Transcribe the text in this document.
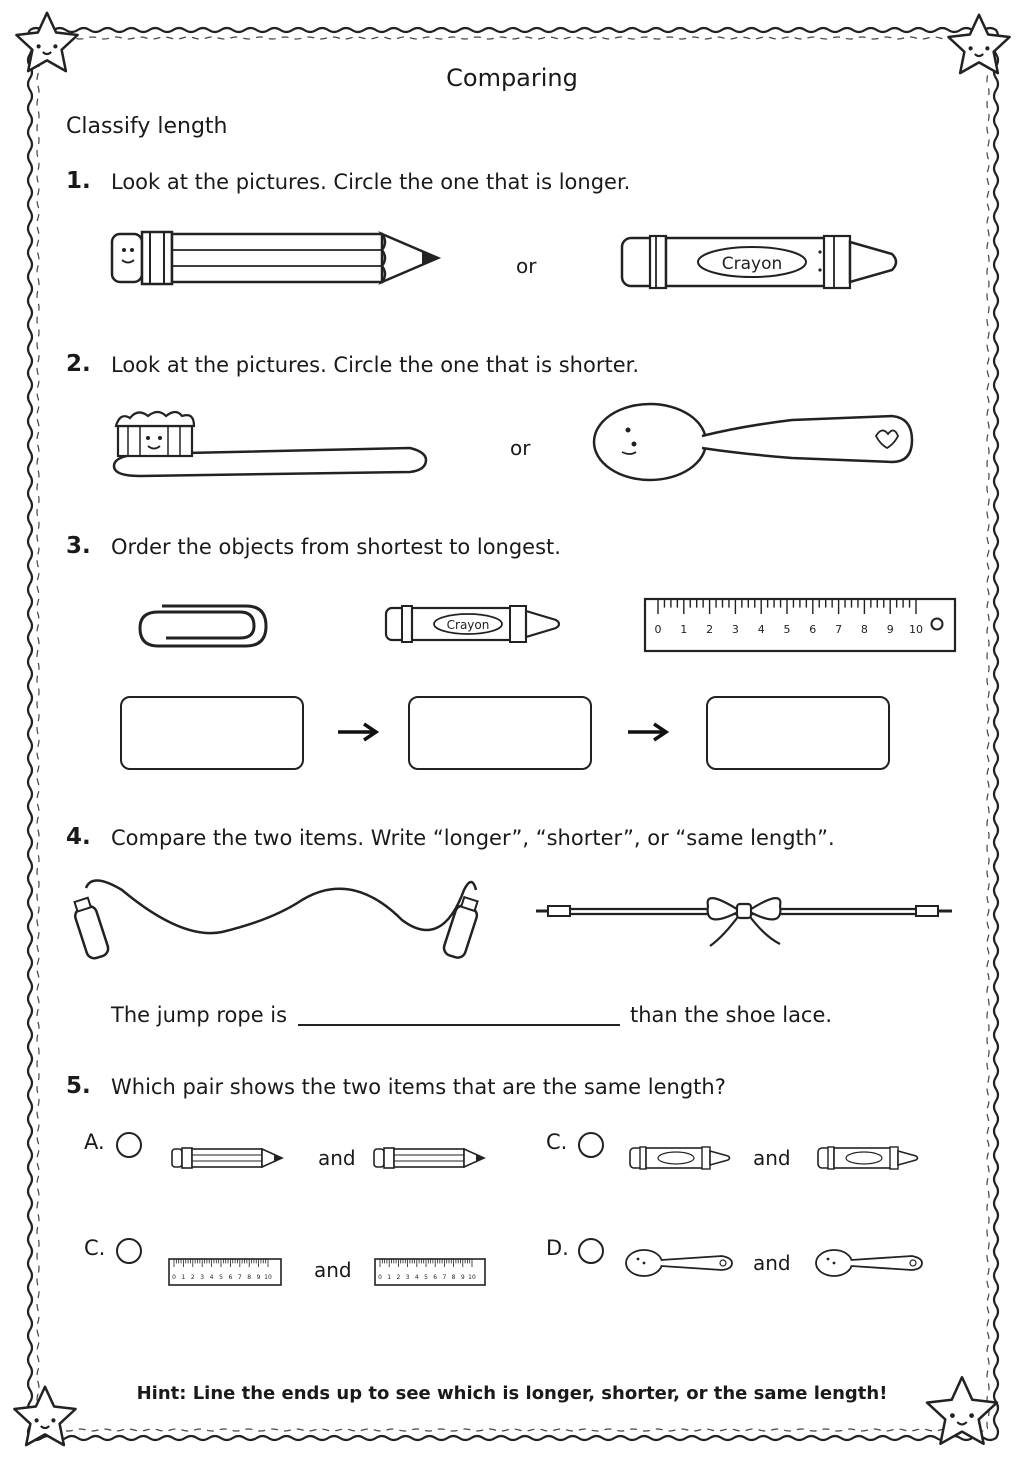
Comparing
Classify length
1. Look at the pictures. Circle the one that is longer.
or	Crayon
2. Look at the pictures. Circle the one that is shorter.
or
3. Order the objects from shortest to longest.
Crayon	0 1 2 3 4 5 6 7 8 9 10
4. Compare the two items. Write “longer”, “shorter”, or “same length”.
The jump rope is	than the shoe lace.
5. Which pair shows the two items that are the same length?
A.
and
C.
and
C.
0 1 2 3 4 5 6 7 8 9 10 and	0 1 2 3 4 5 6 7 8 9 10
D.
and
Hint: Line the ends up to see which is longer, shorter, or the same length!
